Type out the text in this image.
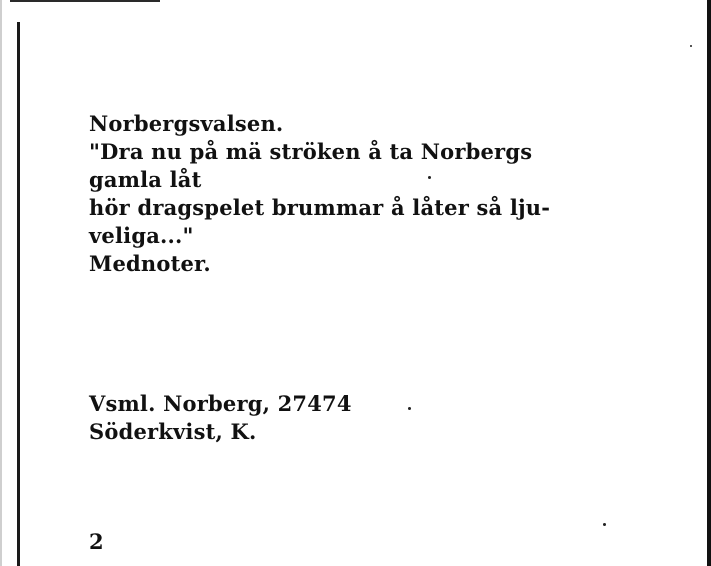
Norbergsvalsen.
"Dra nu på mä ströken å ta Norbergs
gamla låt
hör dragspelet brummar å låter så lju-
veliga..."
Mednoter.
Vsml. Norberg, 27474
Söderkvist, K.
2
